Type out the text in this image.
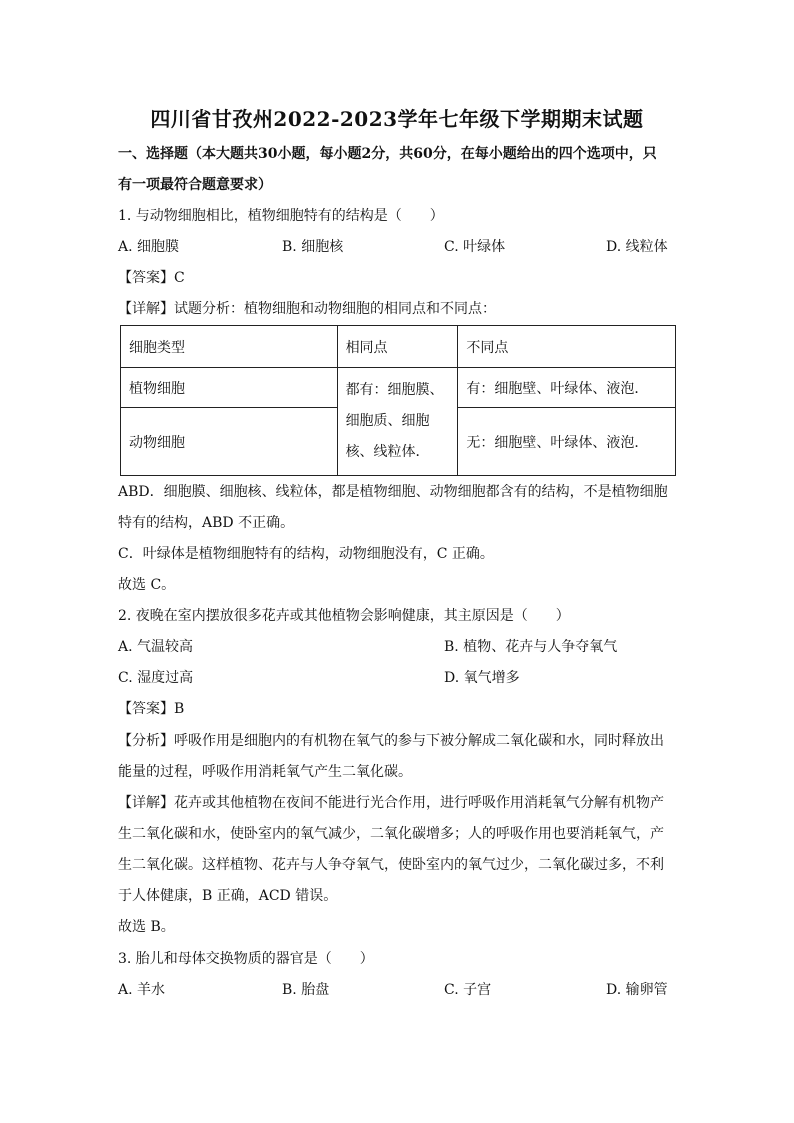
四川省甘孜州2022-2023学年七年级下学期期末试题
一、选择题（本大题共30小题，每小题2分，共60分，在每小题给出的四个选项中，只
有一项最符合题意要求）
1. 与动物细胞相比，植物细胞特有的结构是（　　）
A. 细胞膜	B. 细胞核	C. 叶绿体	D. 线粒体
【答案】C
【详解】试题分析：植物细胞和动物细胞的相同点和不同点：
细胞类型	相同点	不同点
植物细胞	都有：细胞膜、
细胞质、细胞
核、线粒体．	有：细胞壁、叶绿体、液泡．
动物细胞		无：细胞壁、叶绿体、液泡．
ABD．细胞膜、细胞核、线粒体，都是植物细胞、动物细胞都含有的结构，不是植物细胞
特有的结构，ABD 不正确。
C．叶绿体是植物细胞特有的结构，动物细胞没有，C 正确。
故选 C。
2. 夜晚在室内摆放很多花卉或其他植物会影响健康，其主原因是（　　）
A. 气温较高	B. 植物、花卉与人争夺氧气
C. 湿度过高	D. 氧气增多
【答案】B
【分析】呼吸作用是细胞内的有机物在氧气的参与下被分解成二氧化碳和水，同时释放出
能量的过程，呼吸作用消耗氧气产生二氧化碳。
【详解】花卉或其他植物在夜间不能进行光合作用，进行呼吸作用消耗氧气分解有机物产
生二氧化碳和水，使卧室内的氧气减少，二氧化碳增多；人的呼吸作用也要消耗氧气，产
生二氧化碳。这样植物、花卉与人争夺氧气，使卧室内的氧气过少，二氧化碳过多，不利
于人体健康，B 正确，ACD 错误。
故选 B。
3. 胎儿和母体交换物质的器官是（　　）
A. 羊水	B. 胎盘	C. 子宫	D. 输卵管
